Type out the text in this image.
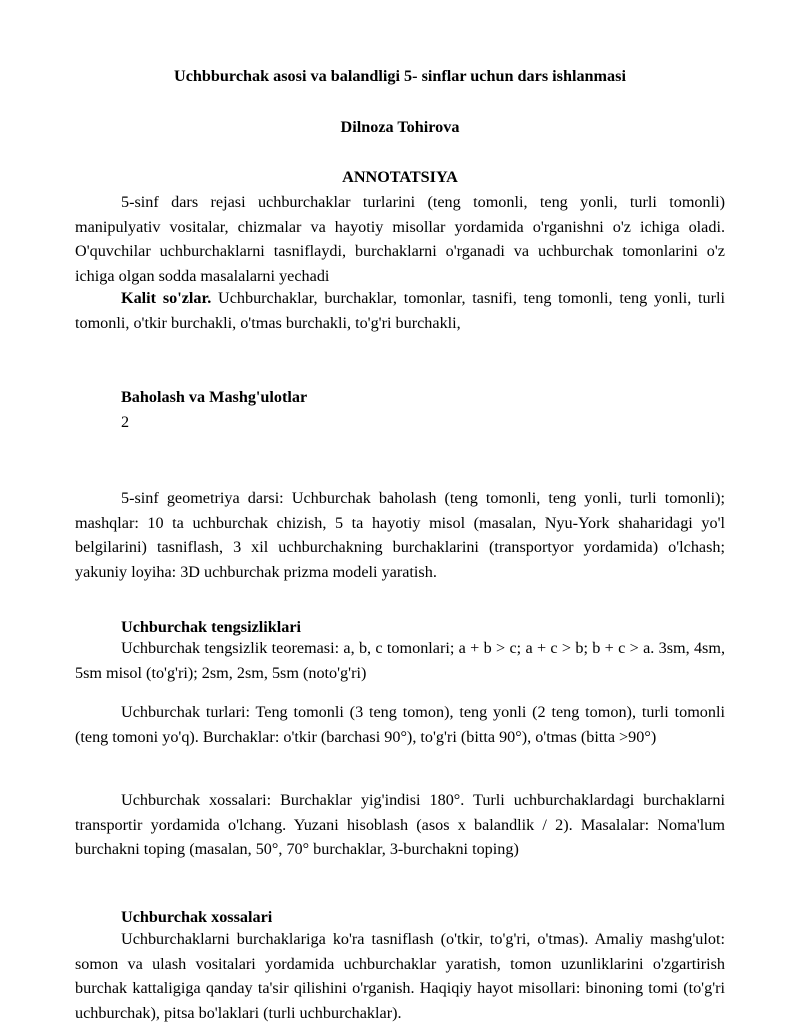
Uchbburchak asosi va balandligi 5- sinflar uchun dars ishlanmasi
Dilnoza Tohirova
ANNOTATSIYA

5-sinf dars rejasi uchburchaklar turlarini (teng tomonli, teng yonli, turli tomonli) manipulyativ vositalar, chizmalar va hayotiy misollar yordamida o'rganishni o'z ichiga oladi. O'quvchilar uchburchaklarni tasniflaydi, burchaklarni o'rganadi va uchburchak tomonlarini o'z ichiga olgan sodda masalalarni yechadi

Kalit so'zlar. Uchburchaklar, burchaklar, tomonlar, tasnifi, teng tomonli, teng yonli, turli tomonli, o'tkir burchakli, o'tmas burchakli, to'g'ri burchakli,

Baholash va Mashg'ulotlar
2

5-sinf geometriya darsi: Uchburchak baholash (teng tomonli, teng yonli, turli tomonli); mashqlar: 10 ta uchburchak chizish, 5 ta hayotiy misol (masalan, Nyu-York shaharidagi yo'l belgilarini) tasniflash, 3 xil uchburchakning burchaklarini (transportyor yordamida) o'lchash; yakuniy loyiha: 3D uchburchak prizma modeli yaratish.

Uchburchak tengsizliklari

Uchburchak tengsizlik teoremasi: a, b, c tomonlari; a + b > c; a + c > b; b + c > a. 3sm, 4sm, 5sm misol (to'g'ri); 2sm, 2sm, 5sm (noto'g'ri)

Uchburchak turlari: Teng tomonli (3 teng tomon), teng yonli (2 teng tomon), turli tomonli (teng tomoni yo'q). Burchaklar: o'tkir (barchasi 90°), to'g'ri (bitta 90°), o'tmas (bitta >90°)

Uchburchak xossalari: Burchaklar yig'indisi 180°. Turli uchburchaklardagi burchaklarni transportir yordamida o'lchang. Yuzani hisoblash (asos x balandlik / 2). Masalalar: Noma'lum burchakni toping (masalan, 50°, 70° burchaklar, 3-burchakni toping)

Uchburchak xossalari

Uchburchaklarni burchaklariga ko'ra tasniflash (o'tkir, to'g'ri, o'tmas). Amaliy mashg'ulot: somon va ulash vositalari yordamida uchburchaklar yaratish, tomon uzunliklarini o'zgartirish burchak kattaligiga qanday ta'sir qilishini o'rganish. Haqiqiy hayot misollari: binoning tomi (to'g'ri uchburchak), pitsa bo'laklari (turli uchburchaklar).
